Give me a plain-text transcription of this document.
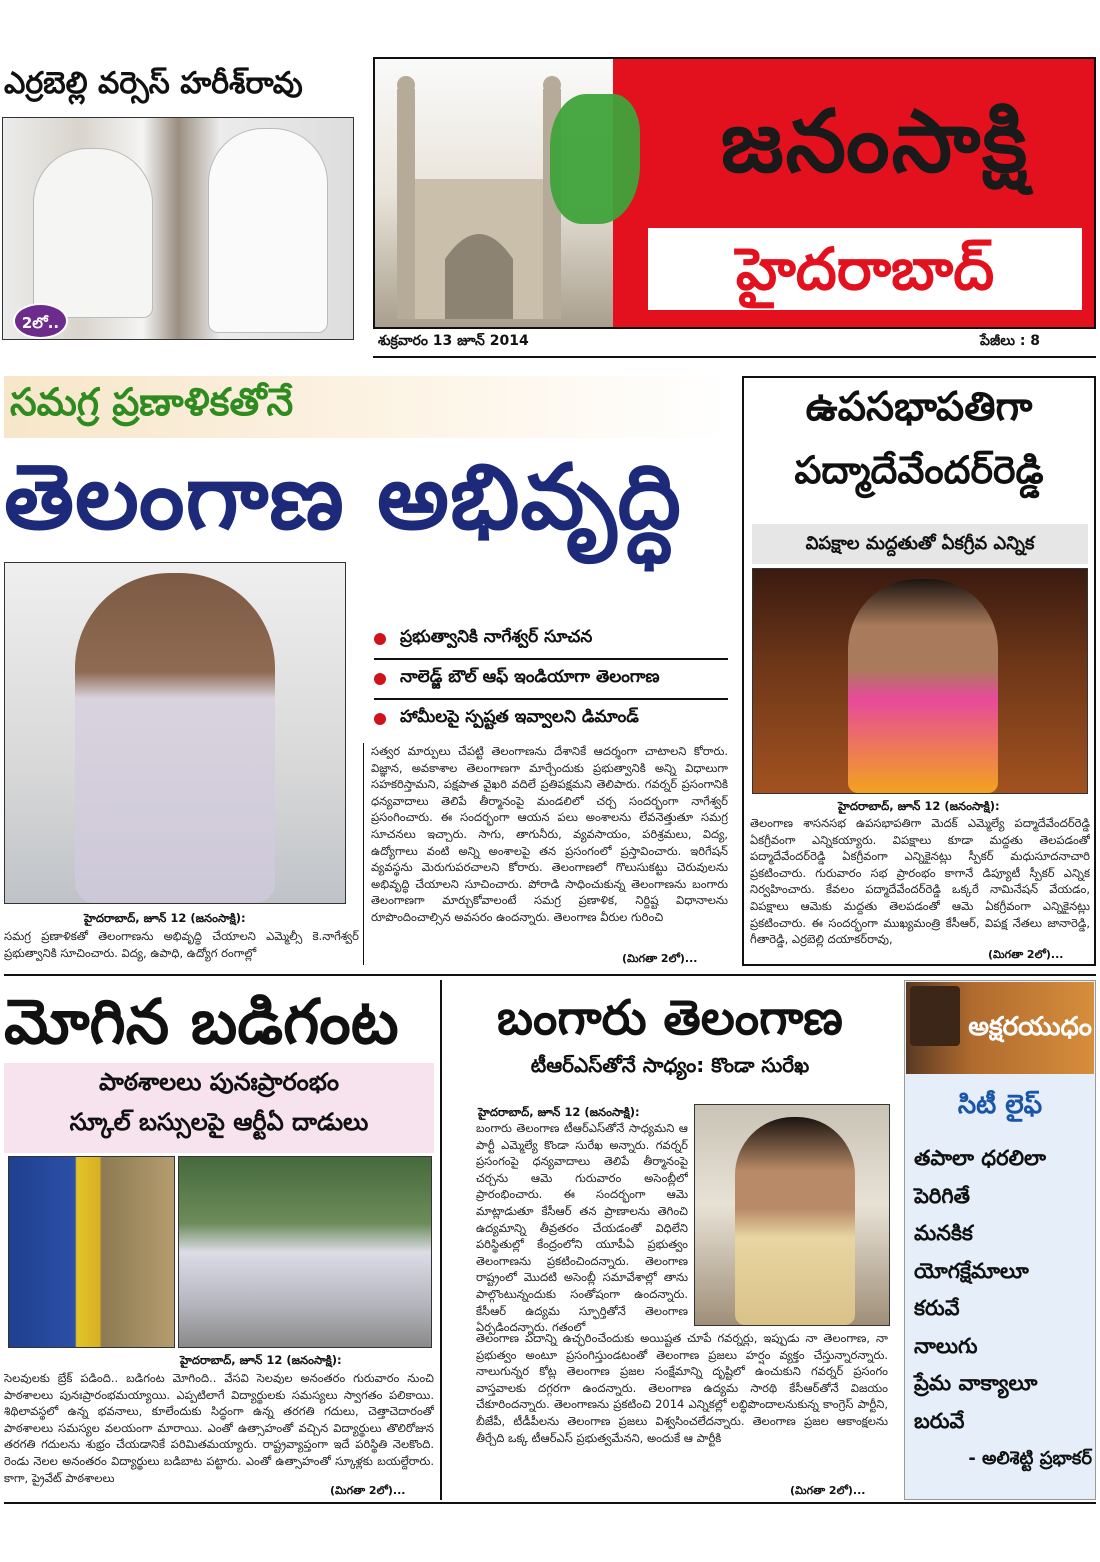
ఎర్రబెల్లి వర్సెస్ హరీశ్‌రావు
2లో..
జనంసాక్షి
హైదరాబాద్
శుక్రవారం 13 జూన్ 2014	పేజీలు : 8
సమగ్ర ప్రణాళికతోనే
తెలంగాణ అభివృద్ధి
ప్రభుత్వానికి నాగేశ్వర్ సూచన
నాలెడ్జ్ బౌల్ ఆఫ్ ఇండియాగా తెలంగాణ
హామీలపై స్పష్టత ఇవ్వాలని డిమాండ్
సత్వర మార్పులు చేపట్టి తెలంగాణను దేశానికే ఆదర్శంగా చాటాలని కోరారు. విజ్ఞాన, అవకాశాల తెలంగాణగా మార్చేందుకు ప్రభుత్వానికి అన్ని విధాలుగా సహకరిస్తామని, పక్షపాత వైఖరి వదిలే ప్రతిపక్షమని తెలిపారు. గవర్నర్ ప్రసంగానికి ధన్యవాదాలు తెలిపే తీర్మానంపై మండలిలో చర్చ సందర్భంగా నాగేశ్వర్ ప్రసంగించారు. ఈ సందర్భంగా ఆయన పలు అంశాలను లేవనెత్తుతూ సమగ్ర సూచనలు ఇచ్చారు. సాగు, తాగునీరు, వ్యవసాయం, పరిశ్రమలు, విద్య, ఉద్యోగాలు వంటి అన్ని అంశాలపై తన ప్రసంగంలో ప్రస్తావించారు. ఇరిగేషన్ వ్యవస్థను మెరుగుపరచాలని కోరారు. తెలంగాణలో గొలుసుకట్టు చెరువులను అభివృద్ధి చేయాలని సూచించారు. పోరాడి సాధించుకున్న తెలంగాణను బంగారు తెలంగాణగా మార్చుకోవాలంటే సమగ్ర ప్రణాళిక, నిర్దిష్ట విధానాలను రూపొందించాల్సిన అవసరం ఉందన్నారు. తెలంగాణ వీరుల గురించి
(మిగతా 2లో)...
హైదరాబాద్, జూన్ 12 (జనంసాక్షి):
సమగ్ర ప్రణాళికతో తెలంగాణను అభివృద్ధి చేయాలని ఎమ్మెల్సీ కె.నాగేశ్వర్ ప్రభుత్వానికి సూచించారు. విద్య, ఉపాధి, ఉద్యోగ రంగాల్లో
ఉపసభాపతిగా
పద్మాదేవేందర్‌రెడ్డి
విపక్షాల మద్దతుతో ఏకగ్రీవ ఎన్నిక
హైదరాబాద్, జూన్ 12 (జనంసాక్షి):
తెలంగాణ శాసనసభ ఉపసభాపతిగా మెదక్ ఎమ్మెల్యే పద్మాదేవేందర్‌రెడ్డి ఏకగ్రీవంగా ఎన్నికయ్యారు. విపక్షాలు కూడా మద్దతు తెలపడంతో పద్మాదేవేందర్‌రెడ్డి ఏకగ్రీవంగా ఎన్నికైనట్లు స్పీకర్ మధుసూదనాచారి ప్రకటించారు. గురువారం సభ ప్రారంభం కాగానే డిప్యూటీ స్పీకర్ ఎన్నిక నిర్వహించారు. కేవలం పద్మాదేవేందర్‌రెడ్డి ఒక్కరే నామినేషన్ వేయడం, విపక్షాలు ఆమెకు మద్దతు తెలపడంతో ఆమె ఏకగ్రీవంగా ఎన్నికైనట్లు ప్రకటించారు. ఈ సందర్భంగా ముఖ్యమంత్రి కేసీఆర్, విపక్ష నేతలు జానారెడ్డి, గీతారెడ్డి, ఎర్రబెల్లి దయాకర్‌రావు,
(మిగతా 2లో)...
మోగిన బడిగంట
పాఠశాలలు పునఃప్రారంభం
స్కూల్ బస్సులపై ఆర్టీఏ దాడులు
హైదరాబాద్, జూన్ 12 (జనంసాక్షి):
సెలవులకు బ్రేక్ పడింది.. బడిగంట మోగింది.. వేసవి సెలవుల అనంతరం గురువారం నుంచి పాఠశాలలు పునఃప్రారంభమయ్యాయి. ఎప్పటిలాగే విద్యార్థులకు సమస్యలు స్వాగతం పలికాయి. శిథిలావస్థలో ఉన్న భవనాలు, కూలేందుకు సిద్ధంగా ఉన్న తరగతి గదులు, చెత్తాచెదారంతో పాఠశాలలు సమస్యల వలయంగా మారాయి. ఎంతో ఉత్సాహంతో వచ్చిన విద్యార్థులు తొలిరోజున తరగతి గదులను శుభ్రం చేయడానికే పరిమితమయ్యారు. రాష్ట్రవ్యాప్తంగా ఇదే పరిస్థితి నెలకొంది. రెండు నెలల అనంతరం విద్యార్థులు బడిబాట పట్టారు. ఎంతో ఉత్సాహంతో స్కూళ్లకు బయల్దేరారు. కాగా, ప్రైవేట్ పాఠశాలలు
(మిగతా 2లో)...
బంగారు తెలంగాణ
టీఆర్ఎస్‌తోనే సాధ్యం: కొండా సురేఖ
హైదరాబాద్, జూన్ 12 (జనంసాక్షి):
బంగారు తెలంగాణ టీఆర్ఎస్‌తోనే సాధ్యమని ఆ పార్టీ ఎమ్మెల్యే కొండా సురేఖ అన్నారు. గవర్నర్ ప్రసంగంపై ధన్యవాదాలు తెలిపే తీర్మానంపై చర్చను ఆమె గురువారం అసెంబ్లీలో ప్రారంభించారు. ఈ సందర్భంగా ఆమె మాట్లాడుతూ కేసీఆర్ తన ప్రాణాలను తెగించి ఉద్యమాన్ని తీవ్రతరం చేయడంతో విధిలేని పరిస్థితుల్లో కేంద్రంలోని యూపీఏ ప్రభుత్వం తెలంగాణను ప్రకటించిందన్నారు. తెలంగాణ రాష్ట్రంలో మొదటి అసెంబ్లీ సమావేశాల్లో తాను పాల్గొంటున్నందుకు సంతోషంగా ఉందన్నారు. కేసీఆర్ ఉద్యమ స్ఫూర్తితోనే తెలంగాణ ఏర్పడిందన్నారు. గతంలో
తెలంగాణ పదాన్ని ఉచ్ఛరించేందుకు అయిష్టత చూపే గవర్నర్లు, ఇప్పుడు నా తెలంగాణ, నా ప్రభుత్వం అంటూ ప్రసంగిస్తుండటంతో తెలంగాణ ప్రజలు హర్షం వ్యక్తం చేస్తున్నారన్నారు. నాలుగున్నర కోట్ల తెలంగాణ ప్రజల సంక్షేమాన్ని దృష్టిలో ఉంచుకుని గవర్నర్ ప్రసంగం వాస్తవాలకు దగ్గరగా ఉందన్నారు. తెలంగాణ ఉద్యమ సారథి కేసీఆర్‌తోనే విజయం చేకూరిందన్నారు. తెలంగాణను ప్రకటించి 2014 ఎన్నికల్లో లబ్ధిపొందాలనుకున్న కాంగ్రెస్ పార్టీని, బీజేపీ, టీడీపీలను తెలంగాణ ప్రజలు విశ్వసించలేదన్నారు. తెలంగాణ ప్రజల ఆకాంక్షలను తీర్చేది ఒక్క టీఆర్ఎస్ ప్రభుత్వమేనని, అందుకే ఆ పార్టీకి
(మిగతా 2లో)...
అక్షరయుధం
సిటీ లైఫ్
తపాలా ధరలిలా
పెరిగితే
మనకిక
యోగక్షేమాలూ
కరువే
నాలుగు
ప్రేమ వాక్యాలూ
బరువే
- అలిశెట్టి ప్రభాకర్
